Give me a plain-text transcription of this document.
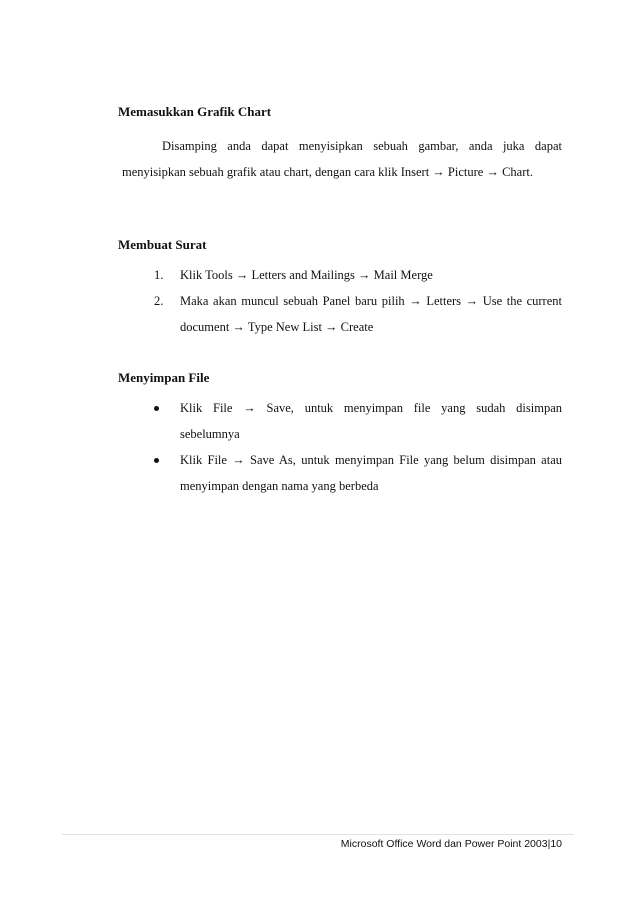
Memasukkan Grafik Chart
Disamping anda dapat menyisipkan sebuah gambar, anda juka dapat
menyisipkan sebuah grafik atau chart, dengan cara klik Insert → Picture → Chart.
Membuat Surat
1. Klik Tools → Letters and Mailings → Mail Merge
2. Maka akan muncul sebuah Panel baru pilih → Letters → Use the current
document → Type New List → Create
Menyimpan File
Klik File → Save, untuk menyimpan file yang sudah disimpan
sebelumnya
Klik File → Save As, untuk menyimpan File yang belum disimpan atau
menyimpan dengan nama yang berbeda
Microsoft Office Word dan Power Point 2003|10
